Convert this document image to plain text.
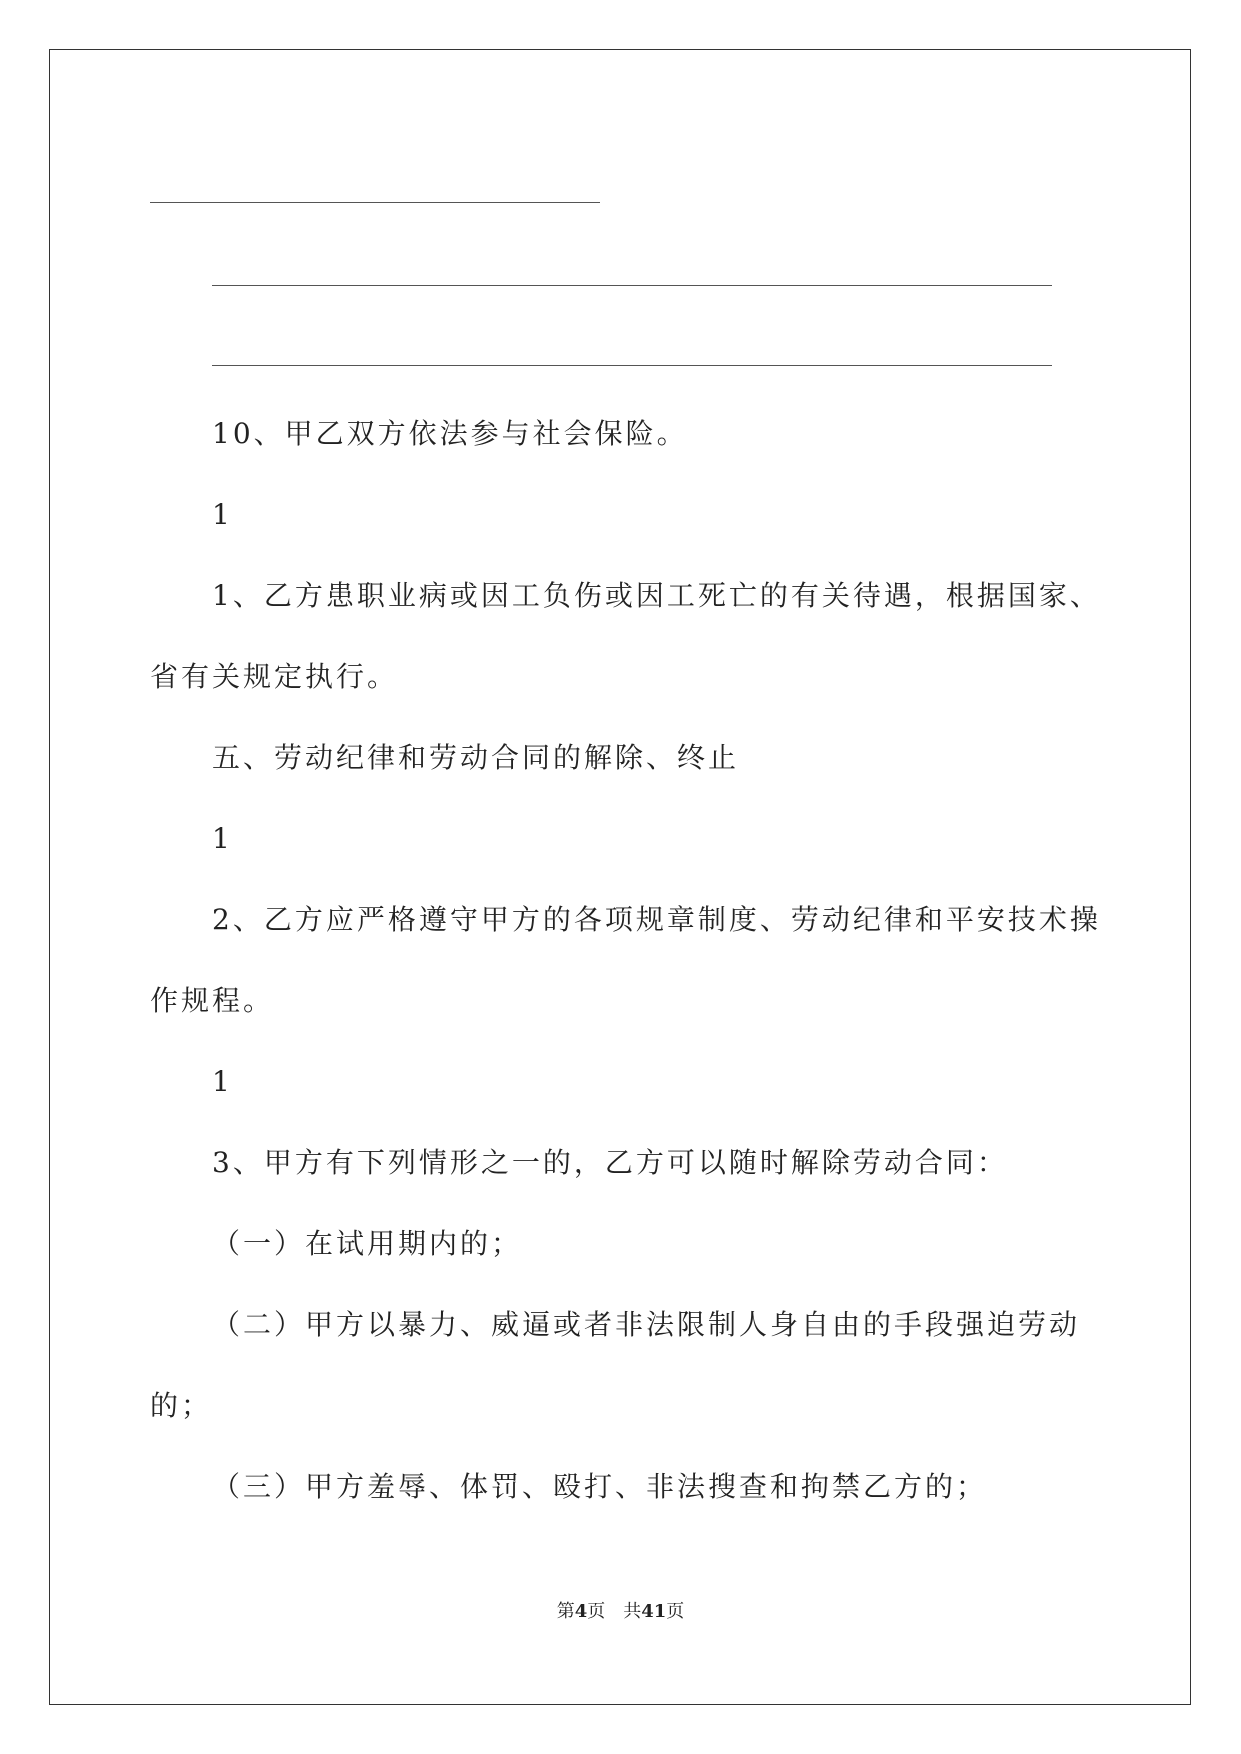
10、甲乙双方依法参与社会保险。
1
1、乙方患职业病或因工负伤或因工死亡的有关待遇，根据国家、
省有关规定执行。
五、劳动纪律和劳动合同的解除、终止
1
2、乙方应严格遵守甲方的各项规章制度、劳动纪律和平安技术操
作规程。
1
3、甲方有下列情形之一的，乙方可以随时解除劳动合同：
（一）在试用期内的；
（二）甲方以暴力、威逼或者非法限制人身自由的手段强迫劳动
的；
（三）甲方羞辱、体罚、殴打、非法搜查和拘禁乙方的；
第4页　共41页
